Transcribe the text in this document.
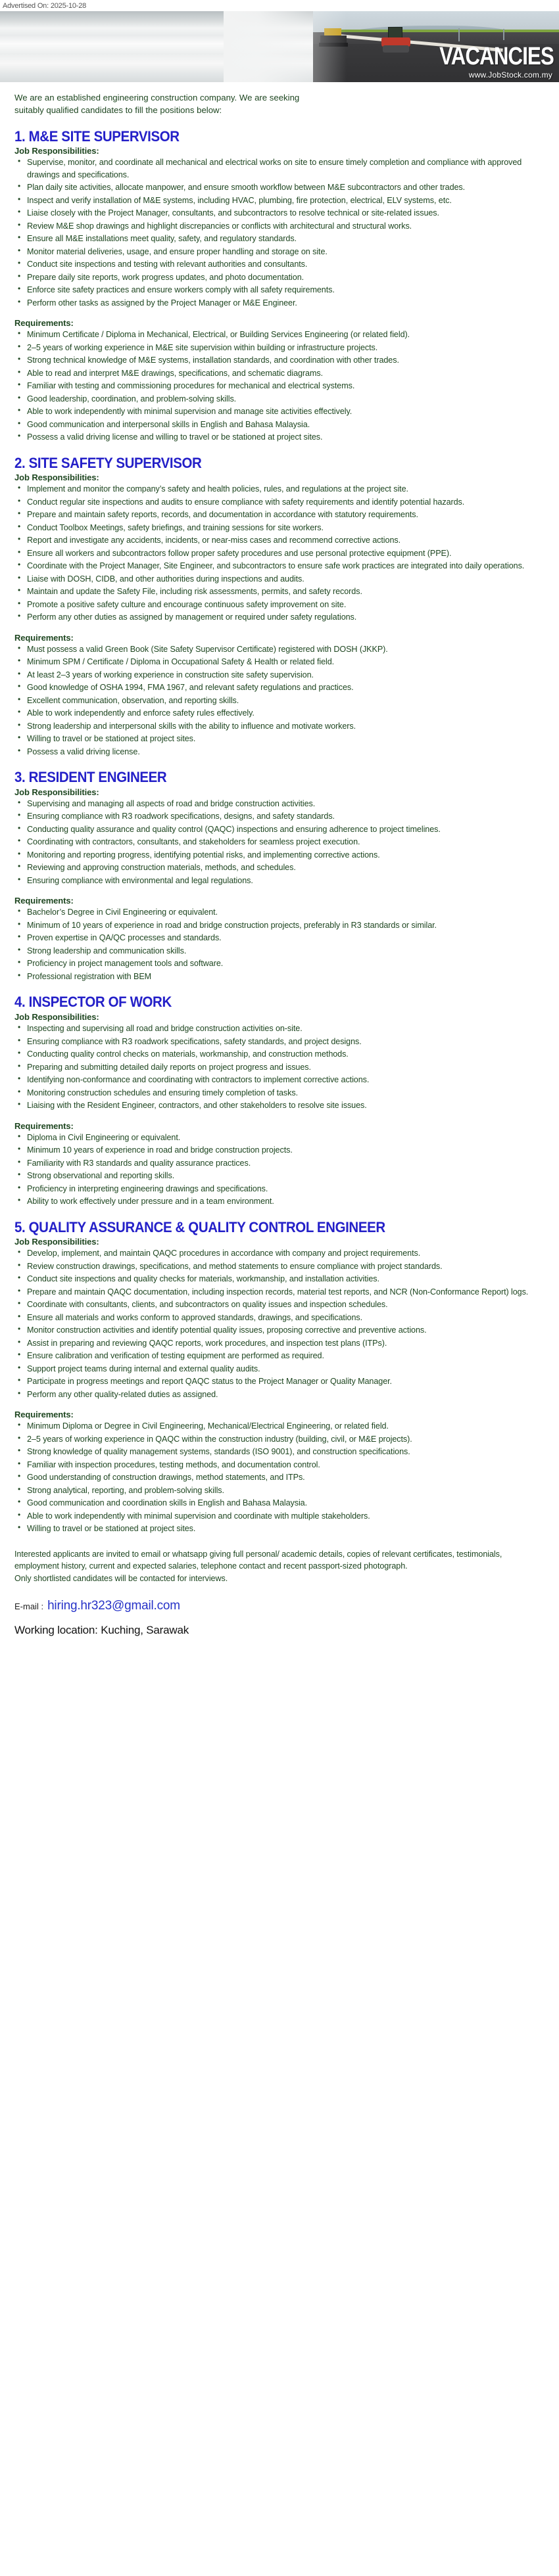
Advertised On: 2025-10-28
VACANCIES
www.JobStock.com.my

We are an established engineering construction company. We are seeking suitably qualified candidates to fill the positions below:

1. M&E SITE SUPERVISOR
Job Responsibilities:
• Supervise, monitor, and coordinate all mechanical and electrical works on site to ensure timely completion and compliance with approved drawings and specifications.
• Plan daily site activities, allocate manpower, and ensure smooth workflow between M&E subcontractors and other trades.
• Inspect and verify installation of M&E systems, including HVAC, plumbing, fire protection, electrical, ELV systems, etc.
• Liaise closely with the Project Manager, consultants, and subcontractors to resolve technical or site-related issues.
• Review M&E shop drawings and highlight discrepancies or conflicts with architectural and structural works.
• Ensure all M&E installations meet quality, safety, and regulatory standards.
• Monitor material deliveries, usage, and ensure proper handling and storage on site.
• Conduct site inspections and testing with relevant authorities and consultants.
• Prepare daily site reports, work progress updates, and photo documentation.
• Enforce site safety practices and ensure workers comply with all safety requirements.
• Perform other tasks as assigned by the Project Manager or M&E Engineer.
Requirements:
• Minimum Certificate / Diploma in Mechanical, Electrical, or Building Services Engineering (or related field).
• 2–5 years of working experience in M&E site supervision within building or infrastructure projects.
• Strong technical knowledge of M&E systems, installation standards, and coordination with other trades.
• Able to read and interpret M&E drawings, specifications, and schematic diagrams.
• Familiar with testing and commissioning procedures for mechanical and electrical systems.
• Good leadership, coordination, and problem-solving skills.
• Able to work independently with minimal supervision and manage site activities effectively.
• Good communication and interpersonal skills in English and Bahasa Malaysia.
• Possess a valid driving license and willing to travel or be stationed at project sites.
2. SITE SAFETY SUPERVISOR
Job Responsibilities:
• Implement and monitor the company’s safety and health policies, rules, and regulations at the project site.
• Conduct regular site inspections and audits to ensure compliance with safety requirements and identify potential hazards.
• Prepare and maintain safety reports, records, and documentation in accordance with statutory requirements.
• Conduct Toolbox Meetings, safety briefings, and training sessions for site workers.
• Report and investigate any accidents, incidents, or near-miss cases and recommend corrective actions.
• Ensure all workers and subcontractors follow proper safety procedures and use personal protective equipment (PPE).
• Coordinate with the Project Manager, Site Engineer, and subcontractors to ensure safe work practices are integrated into daily operations.
• Liaise with DOSH, CIDB, and other authorities during inspections and audits.
• Maintain and update the Safety File, including risk assessments, permits, and safety records.
• Promote a positive safety culture and encourage continuous safety improvement on site.
• Perform any other duties as assigned by management or required under safety regulations.
Requirements:
• Must possess a valid Green Book (Site Safety Supervisor Certificate) registered with DOSH (JKKP).
• Minimum SPM / Certificate / Diploma in Occupational Safety & Health or related field.
• At least 2–3 years of working experience in construction site safety supervision.
• Good knowledge of OSHA 1994, FMA 1967, and relevant safety regulations and practices.
• Excellent communication, observation, and reporting skills.
• Able to work independently and enforce safety rules effectively.
• Strong leadership and interpersonal skills with the ability to influence and motivate workers.
• Willing to travel or be stationed at project sites.
• Possess a valid driving license.
3. RESIDENT ENGINEER
Job Responsibilities:
• Supervising and managing all aspects of road and bridge construction activities.
• Ensuring compliance with R3 roadwork specifications, designs, and safety standards.
• Conducting quality assurance and quality control (QAQC) inspections and ensuring adherence to project timelines.
• Coordinating with contractors, consultants, and stakeholders for seamless project execution.
• Monitoring and reporting progress, identifying potential risks, and implementing corrective actions.
• Reviewing and approving construction materials, methods, and schedules.
• Ensuring compliance with environmental and legal regulations.
Requirements:
• Bachelor’s Degree in Civil Engineering or equivalent.
• Minimum of 10 years of experience in road and bridge construction projects, preferably in R3 standards or similar.
• Proven expertise in QA/QC processes and standards.
• Strong leadership and communication skills.
• Proficiency in project management tools and software.
• Professional registration with BEM
4. INSPECTOR OF WORK
Job Responsibilities:
• Inspecting and supervising all road and bridge construction activities on-site.
• Ensuring compliance with R3 roadwork specifications, safety standards, and project designs.
• Conducting quality control checks on materials, workmanship, and construction methods.
• Preparing and submitting detailed daily reports on project progress and issues.
• Identifying non-conformance and coordinating with contractors to implement corrective actions.
• Monitoring construction schedules and ensuring timely completion of tasks.
• Liaising with the Resident Engineer, contractors, and other stakeholders to resolve site issues.
Requirements:
• Diploma in Civil Engineering or equivalent.
• Minimum 10 years of experience in road and bridge construction projects.
• Familiarity with R3 standards and quality assurance practices.
• Strong observational and reporting skills.
• Proficiency in interpreting engineering drawings and specifications.
• Ability to work effectively under pressure and in a team environment.
5. QUALITY ASSURANCE & QUALITY CONTROL ENGINEER
Job Responsibilities:
• Develop, implement, and maintain QAQC procedures in accordance with company and project requirements.
• Review construction drawings, specifications, and method statements to ensure compliance with project standards.
• Conduct site inspections and quality checks for materials, workmanship, and installation activities.
• Prepare and maintain QAQC documentation, including inspection records, material test reports, and NCR (Non-Conformance Report) logs.
• Coordinate with consultants, clients, and subcontractors on quality issues and inspection schedules.
• Ensure all materials and works conform to approved standards, drawings, and specifications.
• Monitor construction activities and identify potential quality issues, proposing corrective and preventive actions.
• Assist in preparing and reviewing QAQC reports, work procedures, and inspection test plans (ITPs).
• Ensure calibration and verification of testing equipment are performed as required.
• Support project teams during internal and external quality audits.
• Participate in progress meetings and report QAQC status to the Project Manager or Quality Manager.
• Perform any other quality-related duties as assigned.
Requirements:
• Minimum Diploma or Degree in Civil Engineering, Mechanical/Electrical Engineering, or related field.
• 2–5 years of working experience in QAQC within the construction industry (building, civil, or M&E projects).
• Strong knowledge of quality management systems, standards (ISO 9001), and construction specifications.
• Familiar with inspection procedures, testing methods, and documentation control.
• Good understanding of construction drawings, method statements, and ITPs.
• Strong analytical, reporting, and problem-solving skills.
• Good communication and coordination skills in English and Bahasa Malaysia.
• Able to work independently with minimal supervision and coordinate with multiple stakeholders.
• Willing to travel or be stationed at project sites.

Interested applicants are invited to email or whatsapp giving full personal/ academic details, copies of relevant certificates, testimonials, employment history, current and expected salaries, telephone contact and recent passport-sized photograph.

Only shortlisted candidates will be contacted for interviews.

E-mail : hiring.hr323@gmail.com
Working location: Kuching, Sarawak
